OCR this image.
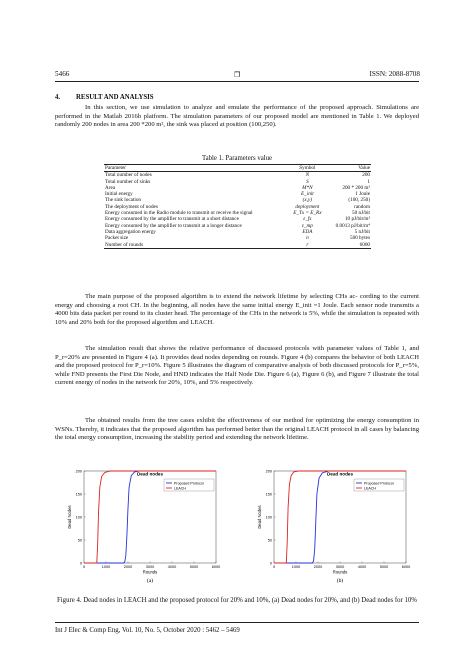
5466	❐	ISSN: 2088-8708
4. RESULT AND ANALYSIS
In this section, we use simulation to analyze and emulate the performance of the proposed approach. Simulations are performed in the Matlab 2016b platform. The simulation parameters of our proposed model are mentioned in Table 1. We deployed randomly 200 nodes in area 200 *200 m², the sink was placed at position (100,250).
Table 1. Parameters value
Parameter	Symbol	Value
Total number of nodes	N	200
Total number of sinks	S	1
Area	M*N	200 * 200 m²
Initial energy	E_init	1 Joule
The sink location	(x,y)	(100, 250)
The deployment of nodes	deployment	random
Energy consumed in the Radio module to transmit or receive the signal	E_Tx = E_Rx	50 nJ/bit
Energy consumed by the amplifier to transmit at a short distance	ε_fs	10 pJ/bit/m²
Energy consumed by the amplifier to transmit at a longer distance	ε_mp	0.0013 pJ/bit/m⁴
Data aggregation energy	EDA	5 nJ/bit
Packet size	n	500 bytes
Number of rounds	r	6000
The main purpose of the proposed algorithm is to extend the network lifetime by selecting CHs ac- cording to the current energy and choosing a root CH. In the beginning, all nodes have the same initial energy E_init =1 Joule. Each sensor node transmits a 4000 bits data packet per round to its cluster head. The percentage of the CHs in the network is 5%, while the simulation is repeated with 10% and 20% both for the proposed algorithm and LEACH.
The simulation result that shows the relative performance of discussed protocols with parameter values of Table 1, and P_r=20% are presented in Figure 4 (a). It provides dead nodes depending on rounds. Figure 4 (b) compares the behavior of both LEACH and the proposed protocol for P_r=10%. Figure 5 illustrates the diagram of comparative analysis of both discussed protocols for P_r=5%, while FND presents the First Die Node, and HND indicates the Half Node Die. Figure 6 (a), Figure 6 (b), and Figure 7 illustrate the total current energy of nodes in the network for 20%, 10%, and 5% respectively.
The obtained results from the tree cases exhibit the effectiveness of our method for optimizing the energy consumption in WSNs. Thereby, it indicates that the proposed algorithm has performed better than the original LEACH protocol in all cases by balancing the total energy consumption, increasing the stability period and extending the network lifetime.
Dead nodes
0	1000	2000	3000	4000	5000	6000
0
50
100
150
200
Rounds
Dead Nodes
Proposed Protocol
LEACH
(a)
Dead nodes
0	1000	2000	3000	4000	5000	6000
0
50
100
150
200
Rounds
Dead Nodes
Proposed Protocol
LEACH
(b)
Figure 4. Dead nodes in LEACH and the proposed protocol for 20% and 10%, (a) Dead nodes for 20%, and (b) Dead nodes for 10%
Int J Elec & Comp Eng, Vol. 10, No. 5, October 2020 : 5462 – 5469
